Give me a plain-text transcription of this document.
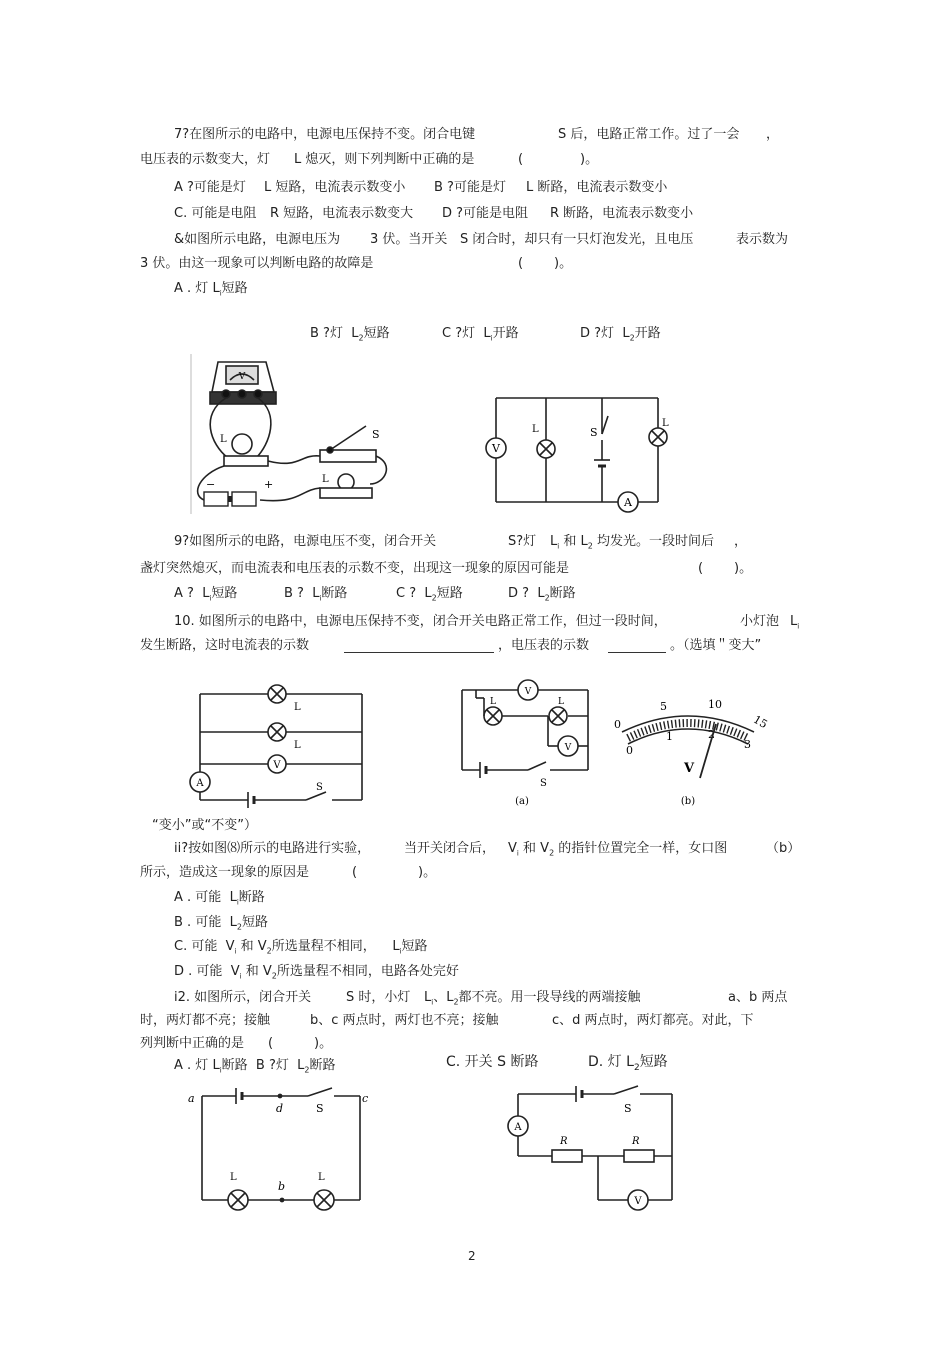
7?在图所示的电路中，电源电压保持不变。闭合电键	S 后，电路正常工作。过了一会 ，
电压表的示数变大，灯 L 熄灭，则下列判断中正确的是	(	)。
A ?可能是灯 L 短路，电流表示数变小 B ?可能是灯 L 断路，电流表示数变小
C. 可能是电阻 R 短路，电流表示数变大 D ?可能是电阻 R 断路，电流表示数变小
&如图所示电路，电源电压为 3 伏。当开关 S 闭合时，却只有一只灯泡发光，且电压	表示数为
3 伏。由这一现象可以判断电路的故障是	( )。
A . 灯 $L_i$短路
B ?灯 $L_2$短路	C ?灯 $L_i$开路	D ?灯 $L_2$开路
V
L	S
−	+	L
V
L	S
L
A
9?如图所示的电路，电源电压不变，闭合开关	S?灯 $L_i$ 和 $L_2$ 均发光。一段时间后 ，
盏灯突然熄灭，而电流表和电压表的示数不变，出现这一现象的原因可能是	( )。
A ? $L_i$短路	B ? $L_i$断路	C ? $L_2$短路	D ? $L_2$断路
10. 如图所示的电路中，电源电压保持不变，闭合开关电路正常工作，但过一段时间，	小灯泡 $L_i$
发生断路，这时电流表的示数	，电压表的示数	。（选填＂变大”
“变小”或“不变”）
L
L
V
A	S
V
L	L
V
S
(a)
0
5	10
15
0
1	2
3
V
(b)
ii?按如图⑻所示的电路进行实验，	当开关闭合后， $V_i$ 和 $V_2$ 的指针位置完全一样，女口图	（b）
所示，造成这一现象的原因是	(	)。
A . 可能 $L_i$断路
B . 可能 $L_2$短路
C. 可能 $V_i$ 和 $V_2$所选量程不相同， $L_i$短路
D . 可能 $V_i$ 和 $V_2$所选量程不相同，电路各处完好
i2. 如图所示，闭合开关	S 时，小灯 $L_i$、$L_2$都不亮。用一段导线的两端接触	a、b 两点
时，两灯都不亮；接触	b、c 两点时，两灯也不亮；接触	c、d 两点时，两灯都亮。对此，下
列判断中正确的是 (	)。
A . 灯 $L_i$断路 B ?灯 $L_2$断路	C. 开关 S 断路	D. 灯 $L_2$短路
a
d
c
b
S
L	L
R	R
S
A
V
2
